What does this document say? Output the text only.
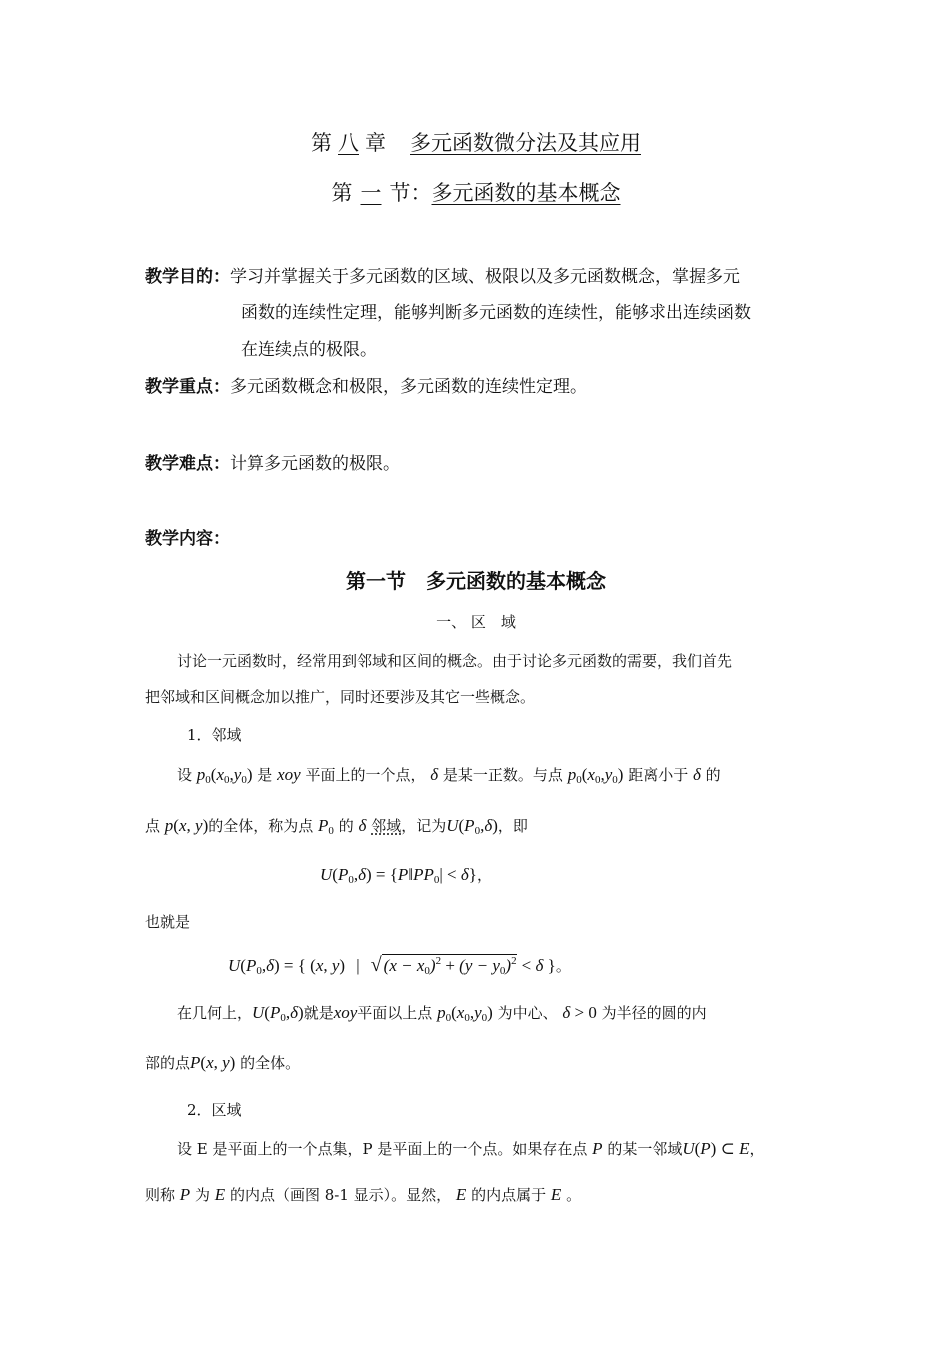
第 八 章 多元函数微分法及其应用
第 一 节：多元函数的基本概念
教学目的：学习并掌握关于多元函数的区域、极限以及多元函数概念，掌握多元
函数的连续性定理，能够判断多元函数的连续性，能够求出连续函数
在连续点的极限。
教学重点：多元函数概念和极限，多元函数的连续性定理。
教学难点：计算多元函数的极限。
教学内容：
第一节　多元函数的基本概念
一、 区　域
讨论一元函数时，经常用到邻域和区间的概念。由于讨论多元函数的需要，我们首先
把邻域和区间概念加以推广，同时还要涉及其它一些概念。
1．邻域
设 $p_0(x_0,y_0)$ 是 xoy 平面上的一个点， δ 是某一正数。与点 $p_0(x_0,y_0)$ 距离小于 δ 的
点 p(x, y)的全体，称为点 $P_0$ 的 δ 邻域，记为$U(P_0,\delta)$，即
$U(P_0,\delta)$ = $\{P‖PP_0| < \delta\}$，
也就是
$U(P_0,\delta)$ = { (x, y) | √ $(x - x_0)^2 + (y - y_0)^2 < \delta$ }。
在几何上，$U(P_0,\delta)$就是xoy平面以上点 $p_0(x_0,y_0)$ 为中心、 δ > 0 为半径的圆的内
部的点P(x, y) 的全体。
2．区域
设 E 是平面上的一个点集，P 是平面上的一个点。如果存在点 P 的某一邻域U(P) ⊂ E，
则称 P 为 E 的内点（画图 8-1 显示）。显然， E 的内点属于 E 。
